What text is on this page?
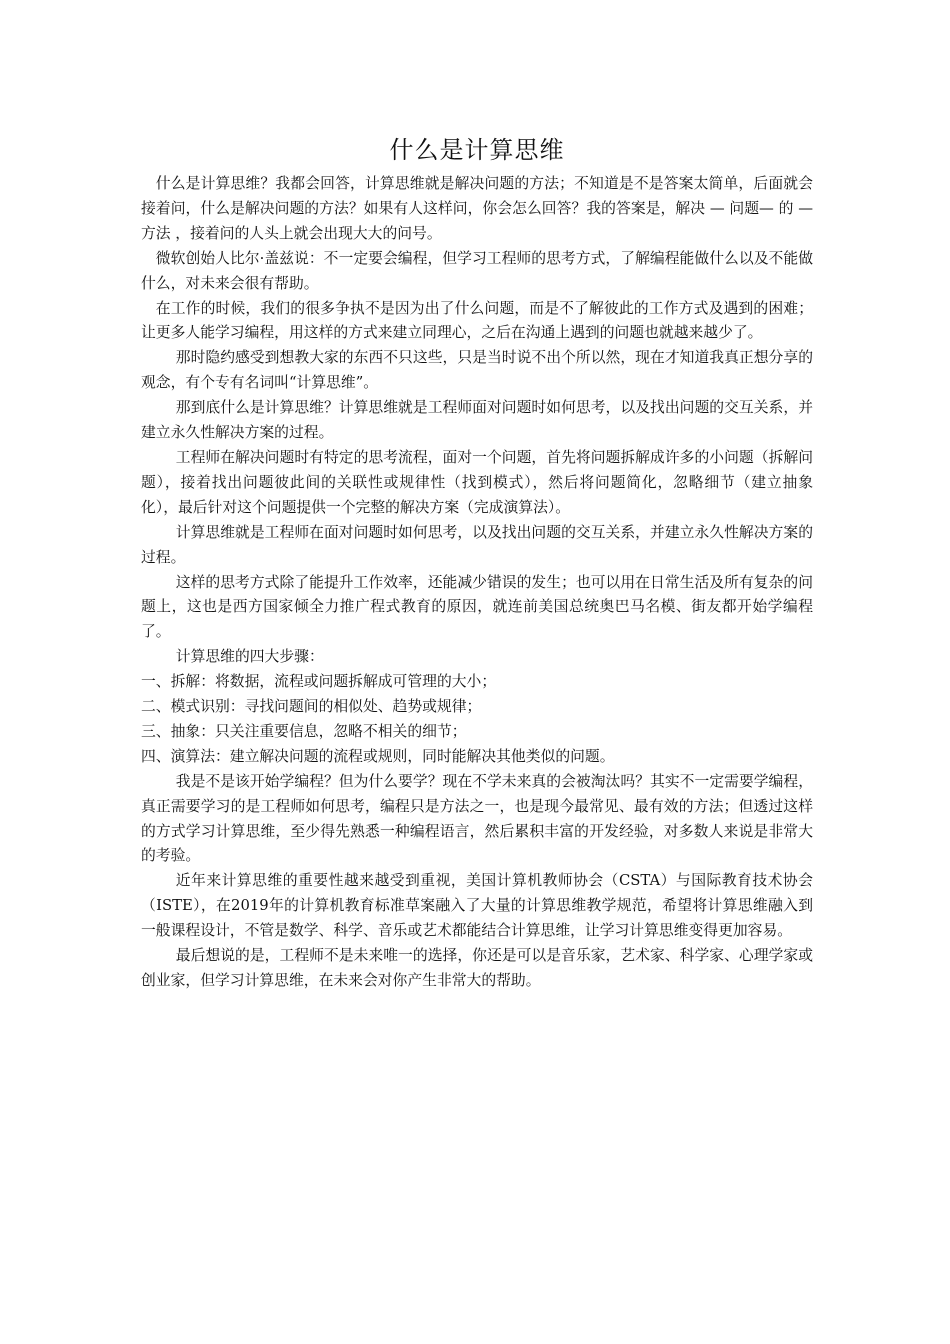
什么是计算思维

什么是计算思维？我都会回答，计算思维就是解决问题的方法；不知道是不是答案太简单，后面就会接着问，什么是解决问题的方法？如果有人这样问，你会怎么回答？我的答案是，解决 — 问题— 的 — 方法 ，接着问的人头上就会出现大大的问号。

微软创始人比尔·盖兹说：不一定要会编程，但学习工程师的思考方式，了解编程能做什么以及不能做什么，对未来会很有帮助。

在工作的时候，我们的很多争执不是因为出了什么问题，而是不了解彼此的工作方式及遇到的困难；让更多人能学习编程，用这样的方式来建立同理心，之后在沟通上遇到的问题也就越来越少了。

那时隐约感受到想教大家的东西不只这些，只是当时说不出个所以然，现在才知道我真正想分享的观念，有个专有名词叫“计算思维”。

那到底什么是计算思维？计算思维就是工程师面对问题时如何思考，以及找出问题的交互关系，并建立永久性解决方案的过程。

工程师在解决问题时有特定的思考流程，面对一个问题，首先将问题拆解成许多的小问题（拆解问题），接着找出问题彼此间的关联性或规律性（找到模式），然后将问题简化，忽略细节（建立抽象化），最后针对这个问题提供一个完整的解决方案（完成演算法）。

计算思维就是工程师在面对问题时如何思考，以及找出问题的交互关系，并建立永久性解决方案的过程。

这样的思考方式除了能提升工作效率，还能减少错误的发生；也可以用在日常生活及所有复杂的问题上，这也是西方国家倾全力推广程式教育的原因，就连前美国总统奥巴马名模、街友都开始学编程了。

计算思维的四大步骤：

一、拆解：将数据，流程或问题拆解成可管理的大小；

二、模式识别：寻找问题间的相似处、趋势或规律；

三、抽象：只关注重要信息，忽略不相关的细节；

四、演算法：建立解决问题的流程或规则，同时能解决其他类似的问题。

我是不是该开始学编程？但为什么要学？现在不学未来真的会被淘汰吗？其实不一定需要学编程，真正需要学习的是工程师如何思考，编程只是方法之一，也是现今最常见、最有效的方法；但透过这样的方式学习计算思维，至少得先熟悉一种编程语言，然后累积丰富的开发经验，对多数人来说是非常大的考验。

近年来计算思维的重要性越来越受到重视，美国计算机教师协会（CSTA）与国际教育技术协会（ISTE），在2019年的计算机教育标准草案融入了大量的计算思维教学规范，希望将计算思维融入到一般课程设计，不管是数学、科学、音乐或艺术都能结合计算思维，让学习计算思维变得更加容易。

最后想说的是，工程师不是未来唯一的选择，你还是可以是音乐家，艺术家、科学家、心理学家或创业家，但学习计算思维，在未来会对你产生非常大的帮助。
